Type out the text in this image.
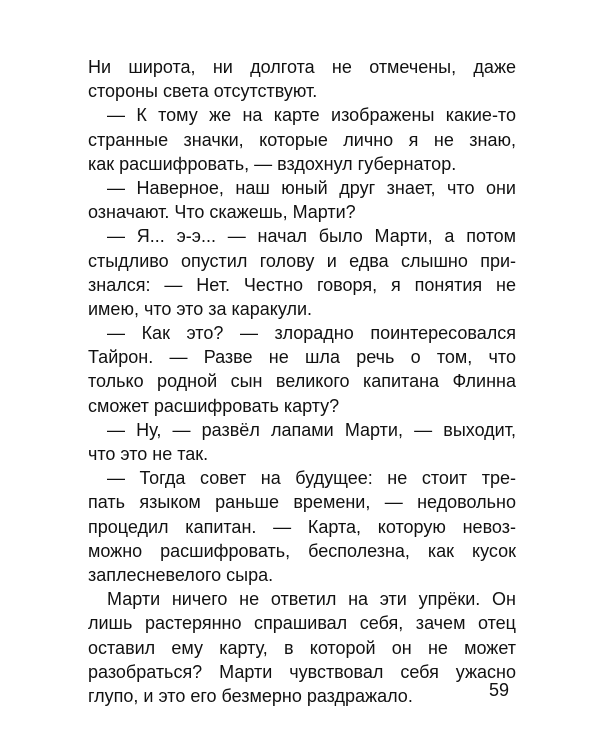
Ни широта, ни долгота не отмечены, даже
стороны света отсутствуют.
— К тому же на карте изображены какие-то
странные значки, которые лично я не знаю,
как расшифровать, — вздохнул губернатор.
— Наверное, наш юный друг знает, что они
означают. Что скажешь, Марти?
— Я... э-э... — начал было Марти, а потом
стыдливо опустил голову и едва слышно при-
знался: — Нет. Честно говоря, я понятия не
имею, что это за каракули.
— Как это? — злорадно поинтересовался
Тайрон. — Разве не шла речь о том, что
только родной сын великого капитана Флинна
сможет расшифровать карту?
— Ну, — развёл лапами Марти, — выходит,
что это не так.
— Тогда совет на будущее: не стоит тре-
пать языком раньше времени, — недовольно
процедил капитан. — Карта, которую невоз-
можно расшифровать, бесполезна, как кусок
заплесневелого сыра.
Марти ничего не ответил на эти упрёки. Он
лишь растерянно спрашивал себя, зачем отец
оставил ему карту, в которой он не может
разобраться? Марти чувствовал себя ужасно
глупо, и это его безмерно раздражало.	59
